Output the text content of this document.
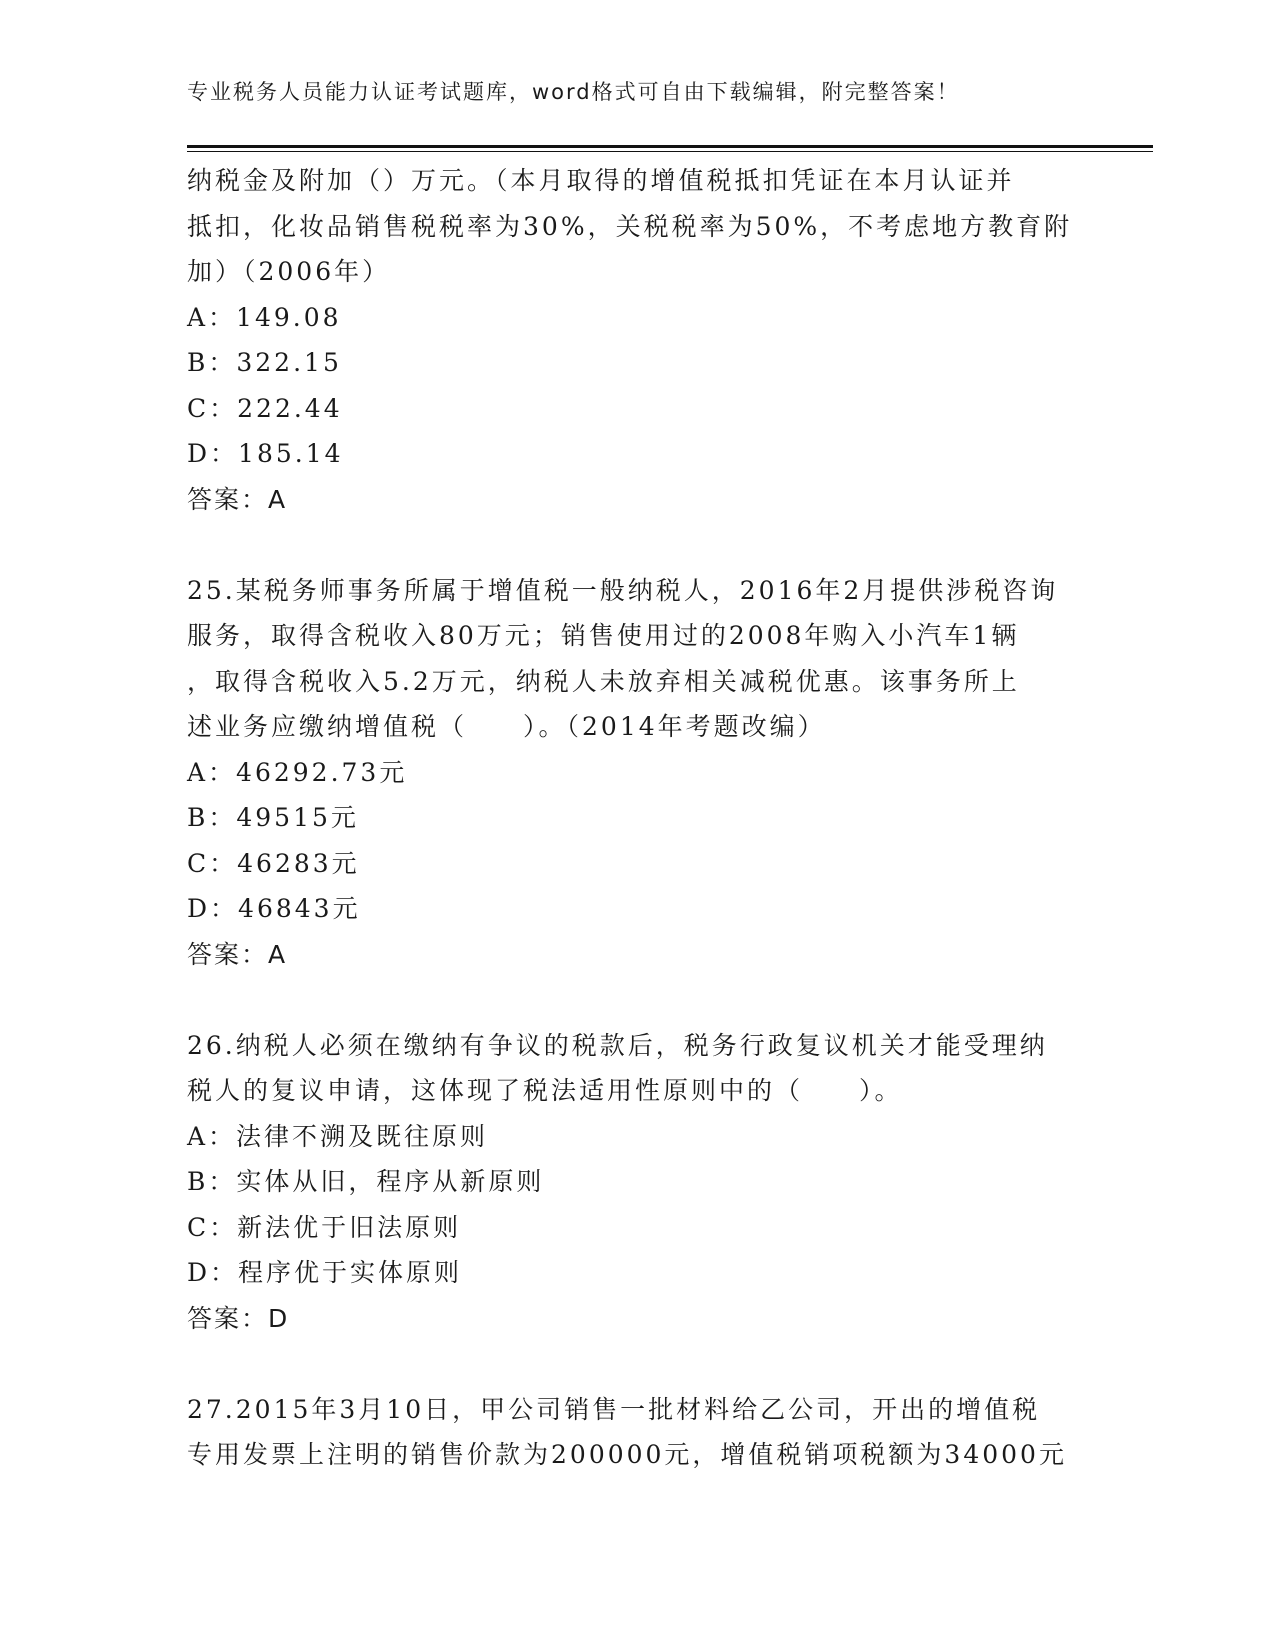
专业税务人员能力认证考试题库，word格式可自由下载编辑，附完整答案！
纳税金及附加（）万元。（本月取得的增值税抵扣凭证在本月认证并
抵扣，化妆品销售税税率为30%，关税税率为50%，不考虑地方教育附
加）（2006年）
A：149.08
B：322.15
C：222.44
D：185.14
答案：A
25.某税务师事务所属于增值税一般纳税人，2016年2月提供涉税咨询
服务，取得含税收入80万元；销售使用过的2008年购入小汽车1辆
，取得含税收入5.2万元，纳税人未放弃相关减税优惠。该事务所上
述业务应缴纳增值税（　　）。（2014年考题改编）
A：46292.73元
B：49515元
C：46283元
D：46843元
答案：A
26.纳税人必须在缴纳有争议的税款后，税务行政复议机关才能受理纳
税人的复议申请，这体现了税法适用性原则中的（　　）。
A：法律不溯及既往原则
B：实体从旧，程序从新原则
C：新法优于旧法原则
D：程序优于实体原则
答案：D
27.2015年3月10日，甲公司销售一批材料给乙公司，开出的增值税
专用发票上注明的销售价款为200000元，增值税销项税额为34000元
